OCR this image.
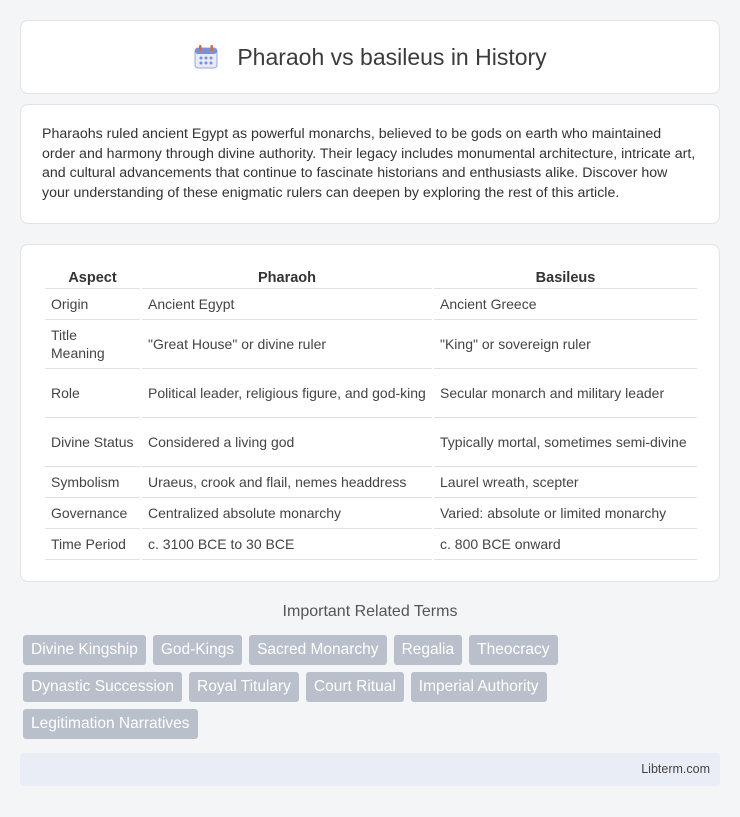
Pharaoh vs basileus in History

Pharaohs ruled ancient Egypt as powerful monarchs, believed to be gods on earth who maintained order and harmony through divine authority. Their legacy includes monumental architecture, intricate art, and cultural advancements that continue to fascinate historians and enthusiasts alike. Discover how your understanding of these enigmatic rulers can deepen by exploring the rest of this article.

Aspect	Pharaoh	Basileus
Origin	Ancient Egypt	Ancient Greece
Title Meaning	"Great House" or divine ruler	"King" or sovereign ruler
Role	Political leader, religious figure, and god-king	Secular monarch and military leader
Divine Status	Considered a living god	Typically mortal, sometimes semi-divine
Symbolism	Uraeus, crook and flail, nemes headdress	Laurel wreath, scepter
Governance	Centralized absolute monarchy	Varied: absolute or limited monarchy
Time Period	c. 3100 BCE to 30 BCE	c. 800 BCE onward
Important Related Terms
Divine Kingship	God-Kings	Sacred Monarchy	Regalia	Theocracy
Dynastic Succession	Royal Titulary	Court Ritual	Imperial Authority
Legitimation Narratives
Libterm.com
